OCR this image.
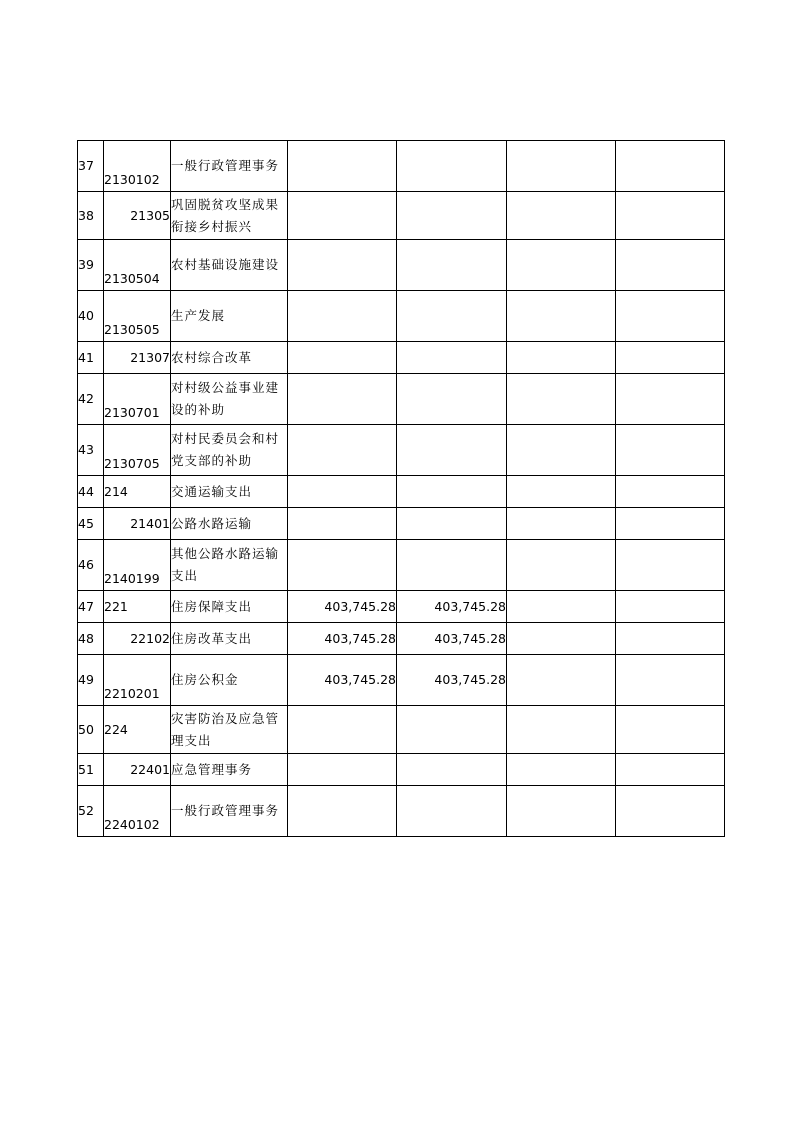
37	2130102	一般行政管理事务				
38	21305	巩固脱贫攻坚成果衔接乡村振兴				
39	2130504	农村基础设施建设				
40	2130505	生产发展				
41	21307	农村综合改革				
42	2130701	对村级公益事业建设的补助				
43	2130705	对村民委员会和村党支部的补助				
44	214	交通运输支出				
45	21401	公路水路运输				
46	2140199	其他公路水路运输支出				
47	221	住房保障支出	403,745.28	403,745.28		
48	22102	住房改革支出	403,745.28	403,745.28		
49	2210201	住房公积金	403,745.28	403,745.28		
50	224	灾害防治及应急管理支出				
51	22401	应急管理事务				
52	2240102	一般行政管理事务				
